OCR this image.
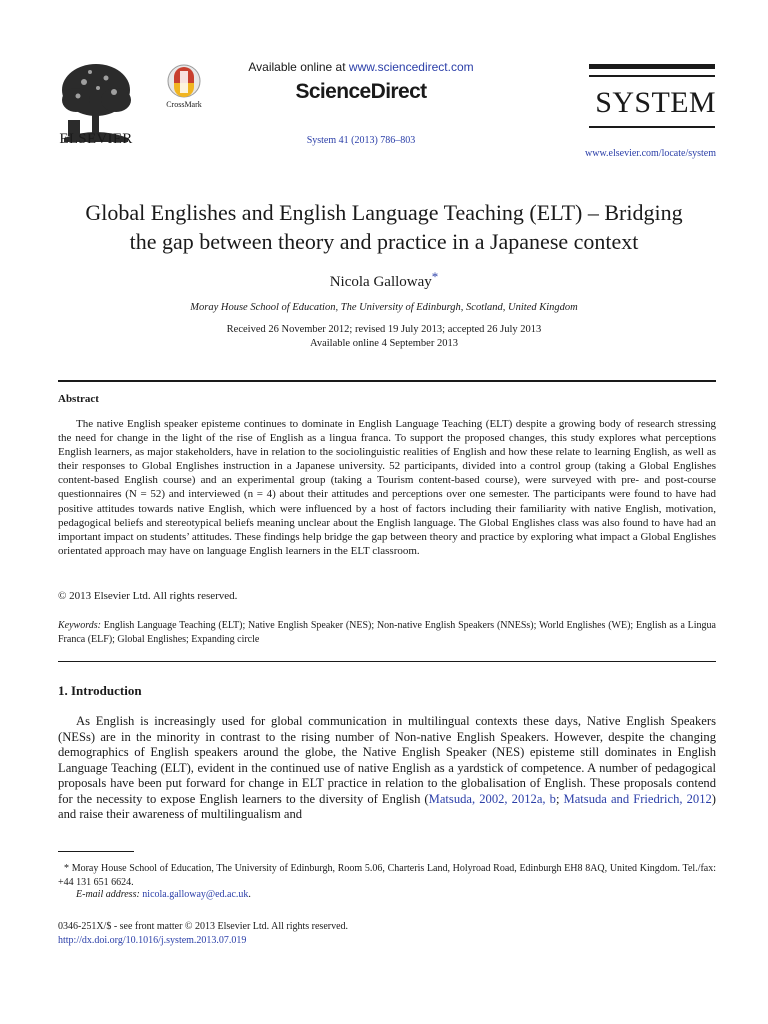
ELSEVIER
CrossMark
Available online at www.sciencedirect.com
ScienceDirect
System 41 (2013) 786–803
SYSTEM
www.elsevier.com/locate/system
Global Englishes and English Language Teaching (ELT) – Bridging
the gap between theory and practice in a Japanese context
Nicola Galloway*
Moray House School of Education, The University of Edinburgh, Scotland, United Kingdom
Received 26 November 2012; revised 19 July 2013; accepted 26 July 2013
Available online 4 September 2013
Abstract
The native English speaker episteme continues to dominate in English Language Teaching (ELT) despite a growing body of research stressing the need for change in the light of the rise of English as a lingua franca. To support the proposed changes, this study explores what perceptions English learners, as major stakeholders, have in relation to the sociolinguistic realities of English and how these relate to learning English, as well as their responses to Global Englishes instruction in a Japanese university. 52 participants, divided into a control group (taking a Global Englishes content-based English course) and an experimental group (taking a Tourism content-based course), were surveyed with pre- and post-course questionnaires (N = 52) and interviewed (n = 4) about their attitudes and perceptions over one semester. The participants were found to have had positive attitudes towards native English, which were influenced by a host of factors including their familiarity with native English, motivation, pedagogical beliefs and stereotypical beliefs meaning unclear about the English language. The Global Englishes class was also found to have had an important impact on students’ attitudes. These findings help bridge the gap between theory and practice by exploring what impact a Global Englishes orientated approach may have on language English learners in the ELT classroom.
© 2013 Elsevier Ltd. All rights reserved.
Keywords: English Language Teaching (ELT); Native English Speaker (NES); Non-native English Speakers (NNESs); World Englishes (WE); English as a Lingua Franca (ELF); Global Englishes; Expanding circle
1. Introduction
As English is increasingly used for global communication in multilingual contexts these days, Native English Speakers (NESs) are in the minority in contrast to the rising number of Non-native English Speakers. However, despite the changing demographics of English speakers around the globe, the Native English Speaker (NES) episteme still dominates in English Language Teaching (ELT), evident in the continued use of native English as a yardstick of competence. A number of pedagogical proposals have been put forward for change in ELT practice in relation to the globalisation of English. These proposals contend for the necessity to expose English learners to the diversity of English (Matsuda, 2002, 2012a, b; Matsuda and Friedrich, 2012) and raise their awareness of multilingualism and
* Moray House School of Education, The University of Edinburgh, Room 5.06, Charteris Land, Holyroad Road, Edinburgh EH8 8AQ, United Kingdom. Tel./fax: +44 131 651 6624.
E-mail address: nicola.galloway@ed.ac.uk.
0346-251X/$ - see front matter © 2013 Elsevier Ltd. All rights reserved.
http://dx.doi.org/10.1016/j.system.2013.07.019
